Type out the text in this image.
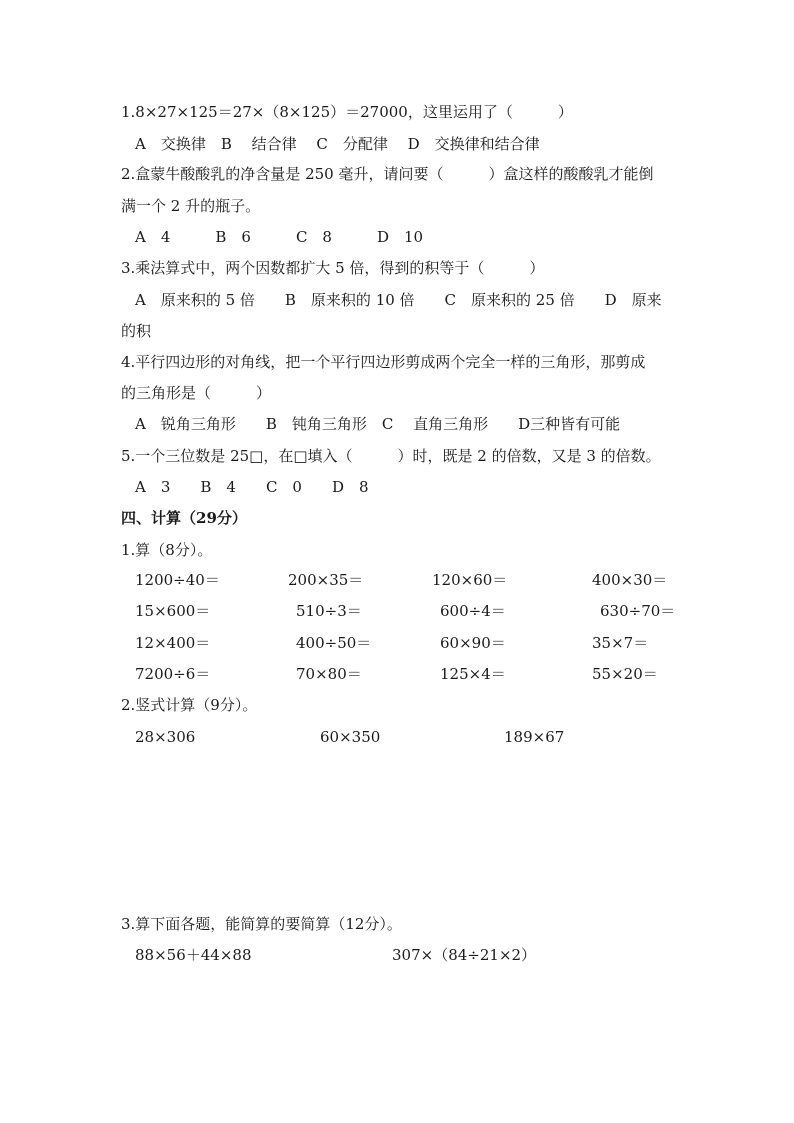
1.8×27×125＝27×（8×125）＝27000，这里运用了（　　　）
A　交换律　B　 结合律　 C　分配律　 D　交换律和结合律
2.盒蒙牛酸酸乳的净含量是 250 毫升，请问要（　　　）盒这样的酸酸乳才能倒
满一个 2 升的瓶子。
A　4　　　B　6　　　C　8　　　D　10
3.乘法算式中，两个因数都扩大 5 倍，得到的积等于（　　　）
A　原来积的 5 倍　　B　原来积的 10 倍　　C　原来积的 25 倍　　D　原来
的积
4.平行四边形的对角线，把一个平行四边形剪成两个完全一样的三角形，那剪成
的三角形是（　　　）
A　锐角三角形　　B　钝角三角形　C　 直角三角形　　D三种皆有可能
5.一个三位数是 25□，在□填入（　　　）时，既是 2 的倍数，又是 3 的倍数。
A　3　　B　4　　C　0　　D　8
四、计算（29分）
1.算（8分）。
1200÷40＝	200×35＝	120×60＝	400×30＝
15×600＝	510÷3＝	600÷4＝	630÷70＝
12×400＝	400÷50＝	60×90＝	35×7＝
7200÷6＝	70×80＝	125×4＝	55×20＝
2.竖式计算（9分）。
28×306	60×350	189×67
3.算下面各题，能简算的要简算（12分）。
88×56＋44×88	307×（84÷21×2）
